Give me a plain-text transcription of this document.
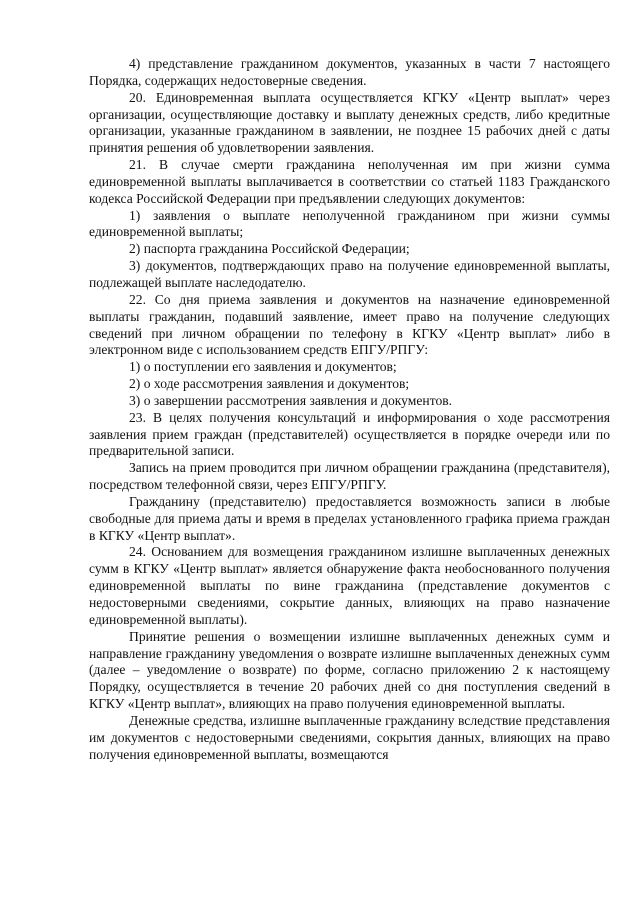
4) представление гражданином документов, указанных в части 7 настоящего Порядка, содержащих недостоверные сведения.

20. Единовременная выплата осуществляется КГКУ «Центр выплат» через организации, осуществляющие доставку и выплату денежных средств, либо кредитные организации, указанные гражданином в заявлении, не позднее 15 рабочих дней с даты принятия решения об удовлетворении заявления.

21. В случае смерти гражданина неполученная им при жизни сумма единовременной выплаты выплачивается в соответствии со статьей 1183 Гражданского кодекса Российской Федерации при предъявлении следующих документов:

1) заявления о выплате неполученной гражданином при жизни суммы единовременной выплаты;

2) паспорта гражданина Российской Федерации;

3) документов, подтверждающих право на получение единовременной выплаты, подлежащей выплате наследодателю.

22. Со дня приема заявления и документов на назначение единовременной выплаты гражданин, подавший заявление, имеет право на получение следующих сведений при личном обращении по телефону в КГКУ «Центр выплат» либо в электронном виде с использованием средств ЕПГУ/РПГУ:

1) о поступлении его заявления и документов;

2) о ходе рассмотрения заявления и документов;

3) о завершении рассмотрения заявления и документов.

23. В целях получения консультаций и информирования о ходе рассмотрения заявления прием граждан (представителей) осуществляется в порядке очереди или по предварительной записи.

Запись на прием проводится при личном обращении гражданина (представителя), посредством телефонной связи, через ЕПГУ/РПГУ.

Гражданину (представителю) предоставляется возможность записи в любые свободные для приема даты и время в пределах установленного графика приема граждан в КГКУ «Центр выплат».

24. Основанием для возмещения гражданином излишне выплаченных денежных сумм в КГКУ «Центр выплат» является обнаружение факта необоснованного получения единовременной выплаты по вине гражданина (представление документов с недостоверными сведениями, сокрытие данных, влияющих на право назначение единовременной выплаты).

Принятие решения о возмещении излишне выплаченных денежных сумм и направление гражданину уведомления о возврате излишне выплаченных денежных сумм (далее – уведомление о возврате) по форме, согласно приложению 2 к настоящему Порядку, осуществляется в течение 20 рабочих дней со дня поступления сведений в КГКУ «Центр выплат», влияющих на право получения единовременной выплаты.

Денежные средства, излишне выплаченные гражданину вследствие представления им документов с недостоверными сведениями, сокрытия данных, влияющих на право получения единовременной выплаты, возмещаются
